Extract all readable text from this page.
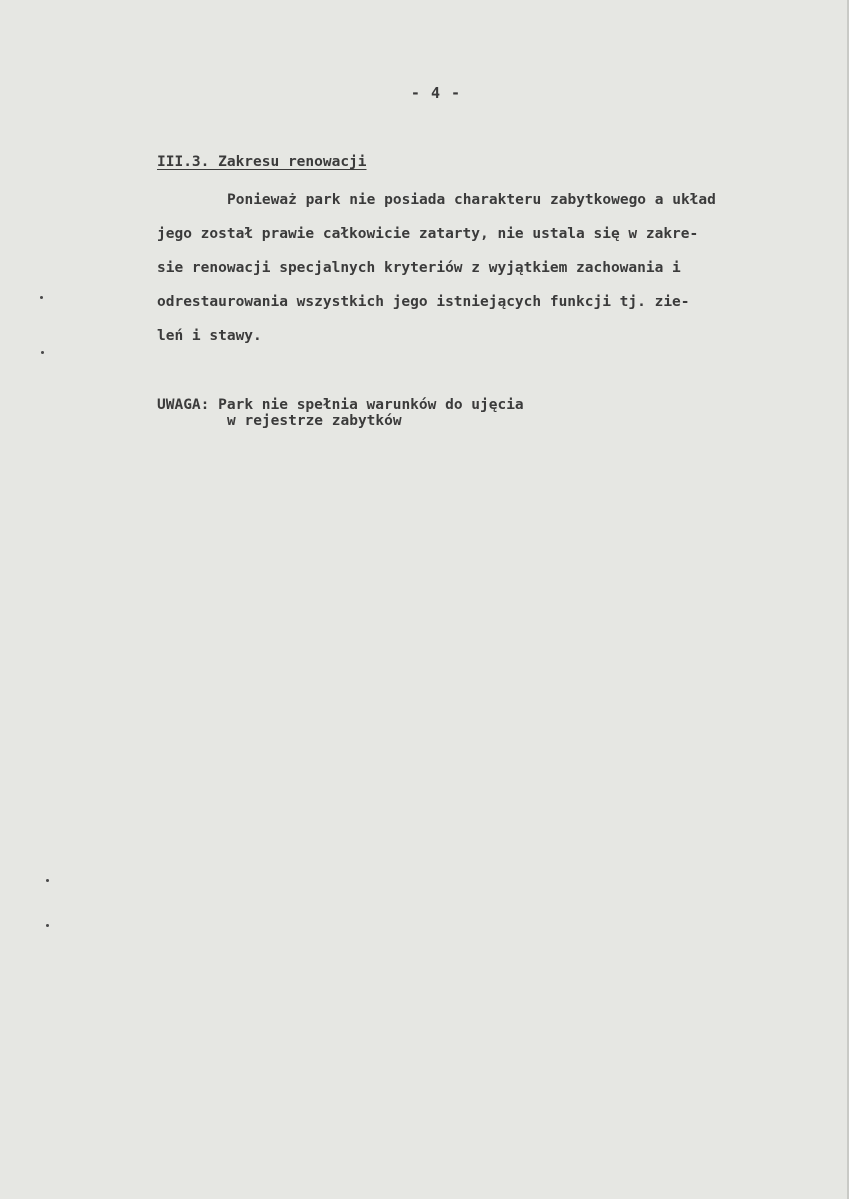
- 4 -
III.3. Zakresu renowacji
Ponieważ park nie posiada charakteru zabytkowego a układ
jego został prawie całkowicie zatarty, nie ustala się w zakre-
sie renowacji specjalnych kryteriów z wyjątkiem zachowania i
odrestaurowania wszystkich jego istniejących funkcji tj. zie-
leń i stawy.
UWAGA: Park nie spełnia warunków do ujęcia
w rejestrze zabytków
